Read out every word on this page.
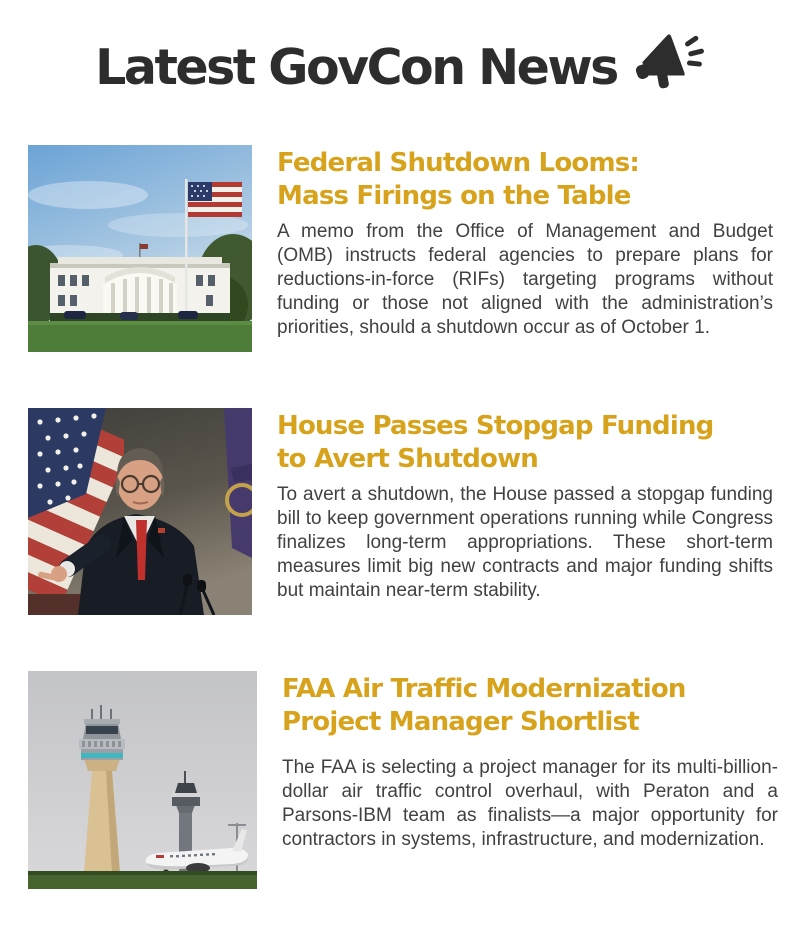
Latest GovCon News
Federal Shutdown Looms:
Mass Firings on the Table
A memo from the Office of Management and Budget (OMB) instructs federal agencies to prepare plans for reductions-in-force (RIFs) targeting programs without funding or those not aligned with the administration’s priorities, should a shutdown occur as of October 1.
House Passes Stopgap Funding
to Avert Shutdown
To avert a shutdown, the House passed a stopgap funding bill to keep government operations running while Congress finalizes long-term appropriations. These short-term measures limit big new contracts and major funding shifts but maintain near-term stability.
FAA Air Traffic Modernization
Project Manager Shortlist
The FAA is selecting a project manager for its multi-billion-dollar air traffic control overhaul, with Peraton and a Parsons-IBM team as finalists—a major opportunity for contractors in systems, infrastructure, and modernization.
